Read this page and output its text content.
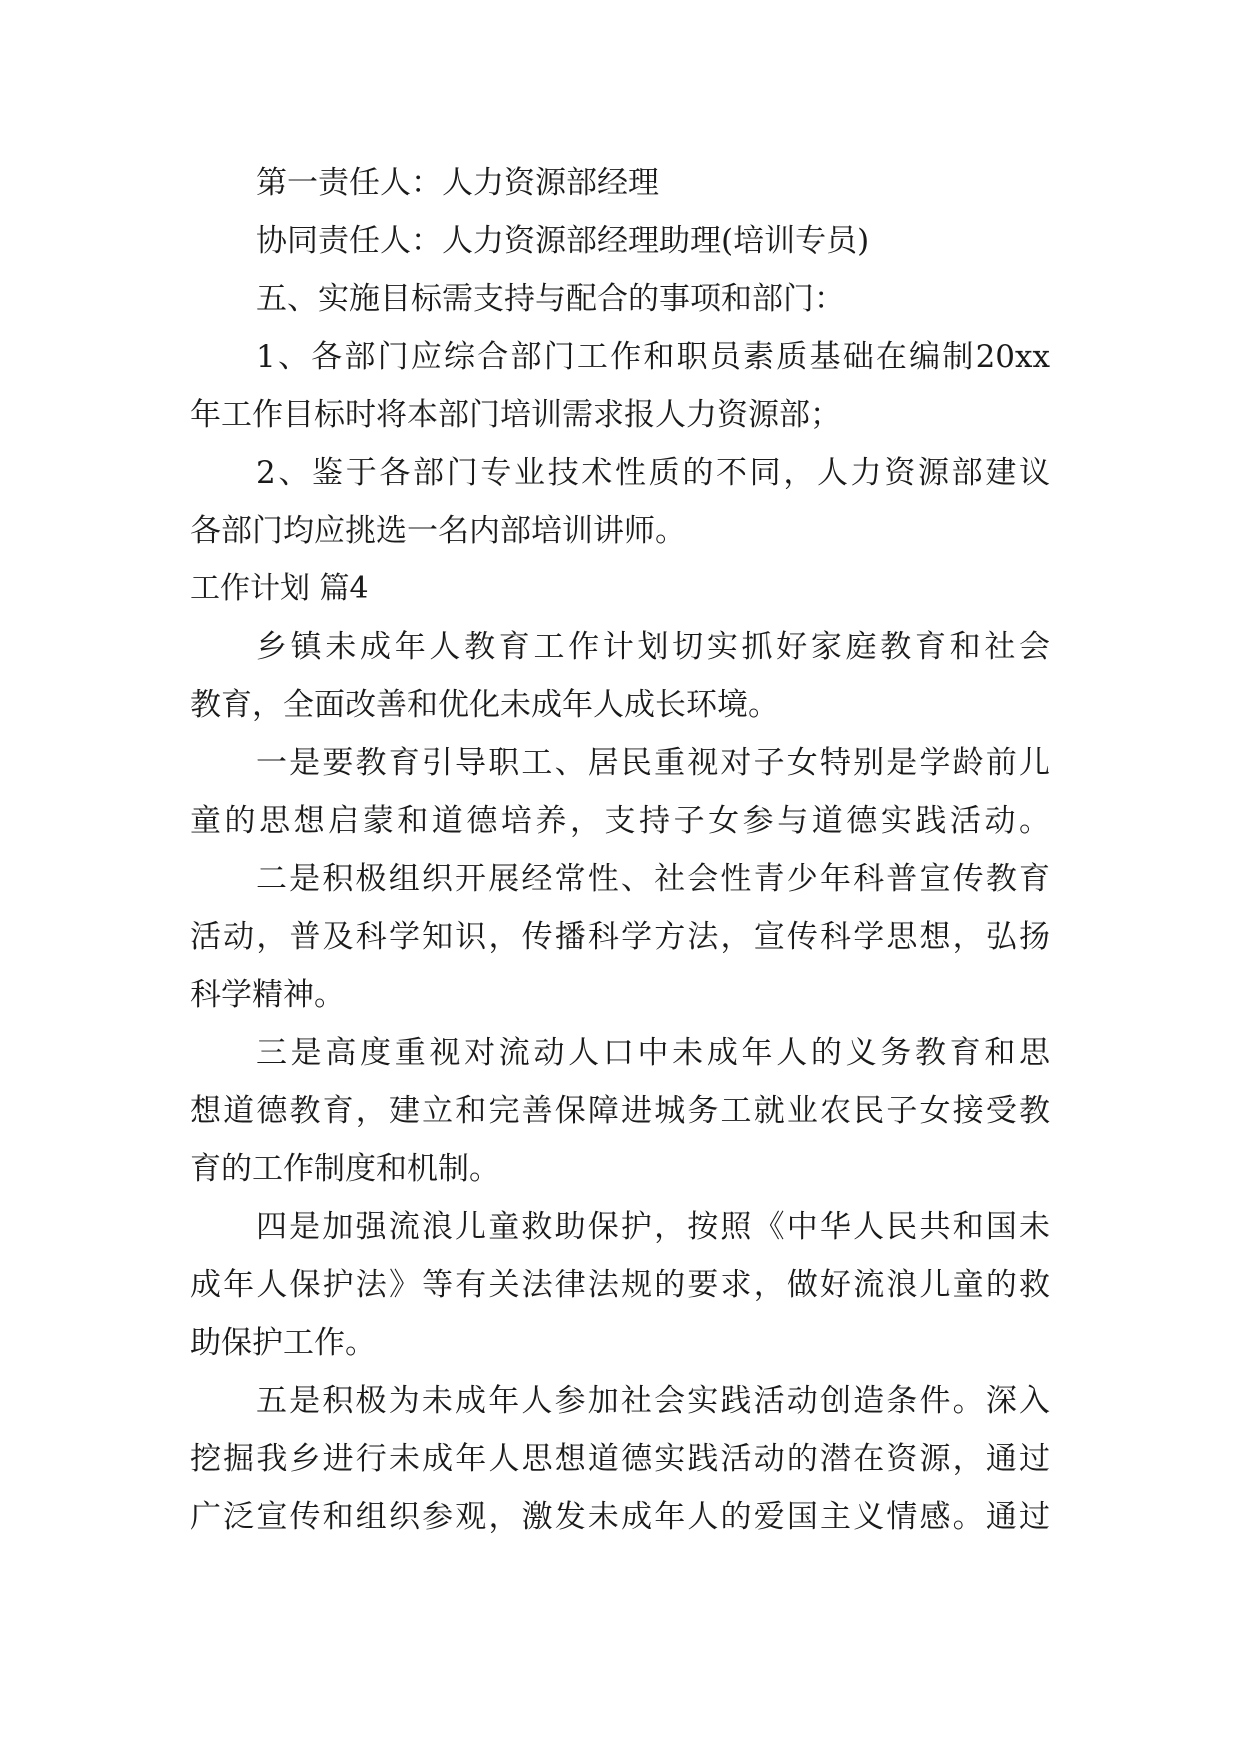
第一责任人：人力资源部经理
协同责任人：人力资源部经理助理(培训专员)
五、实施目标需支持与配合的事项和部门：
1、各部门应综合部门工作和职员素质基础在编制20xx
年工作目标时将本部门培训需求报人力资源部；
2、鉴于各部门专业技术性质的不同，人力资源部建议
各部门均应挑选一名内部培训讲师。
工作计划 篇4
乡镇未成年人教育工作计划切实抓好家庭教育和社会
教育，全面改善和优化未成年人成长环境。
一是要教育引导职工、居民重视对子女特别是学龄前儿
童的思想启蒙和道德培养，支持子女参与道德实践活动。
二是积极组织开展经常性、社会性青少年科普宣传教育
活动，普及科学知识，传播科学方法，宣传科学思想，弘扬
科学精神。
三是高度重视对流动人口中未成年人的义务教育和思
想道德教育，建立和完善保障进城务工就业农民子女接受教
育的工作制度和机制。
四是加强流浪儿童救助保护，按照《中华人民共和国未
成年人保护法》等有关法律法规的要求，做好流浪儿童的救
助保护工作。
五是积极为未成年人参加社会实践活动创造条件。深入
挖掘我乡进行未成年人思想道德实践活动的潜在资源，通过
广泛宣传和组织参观，激发未成年人的爱国主义情感。通过
